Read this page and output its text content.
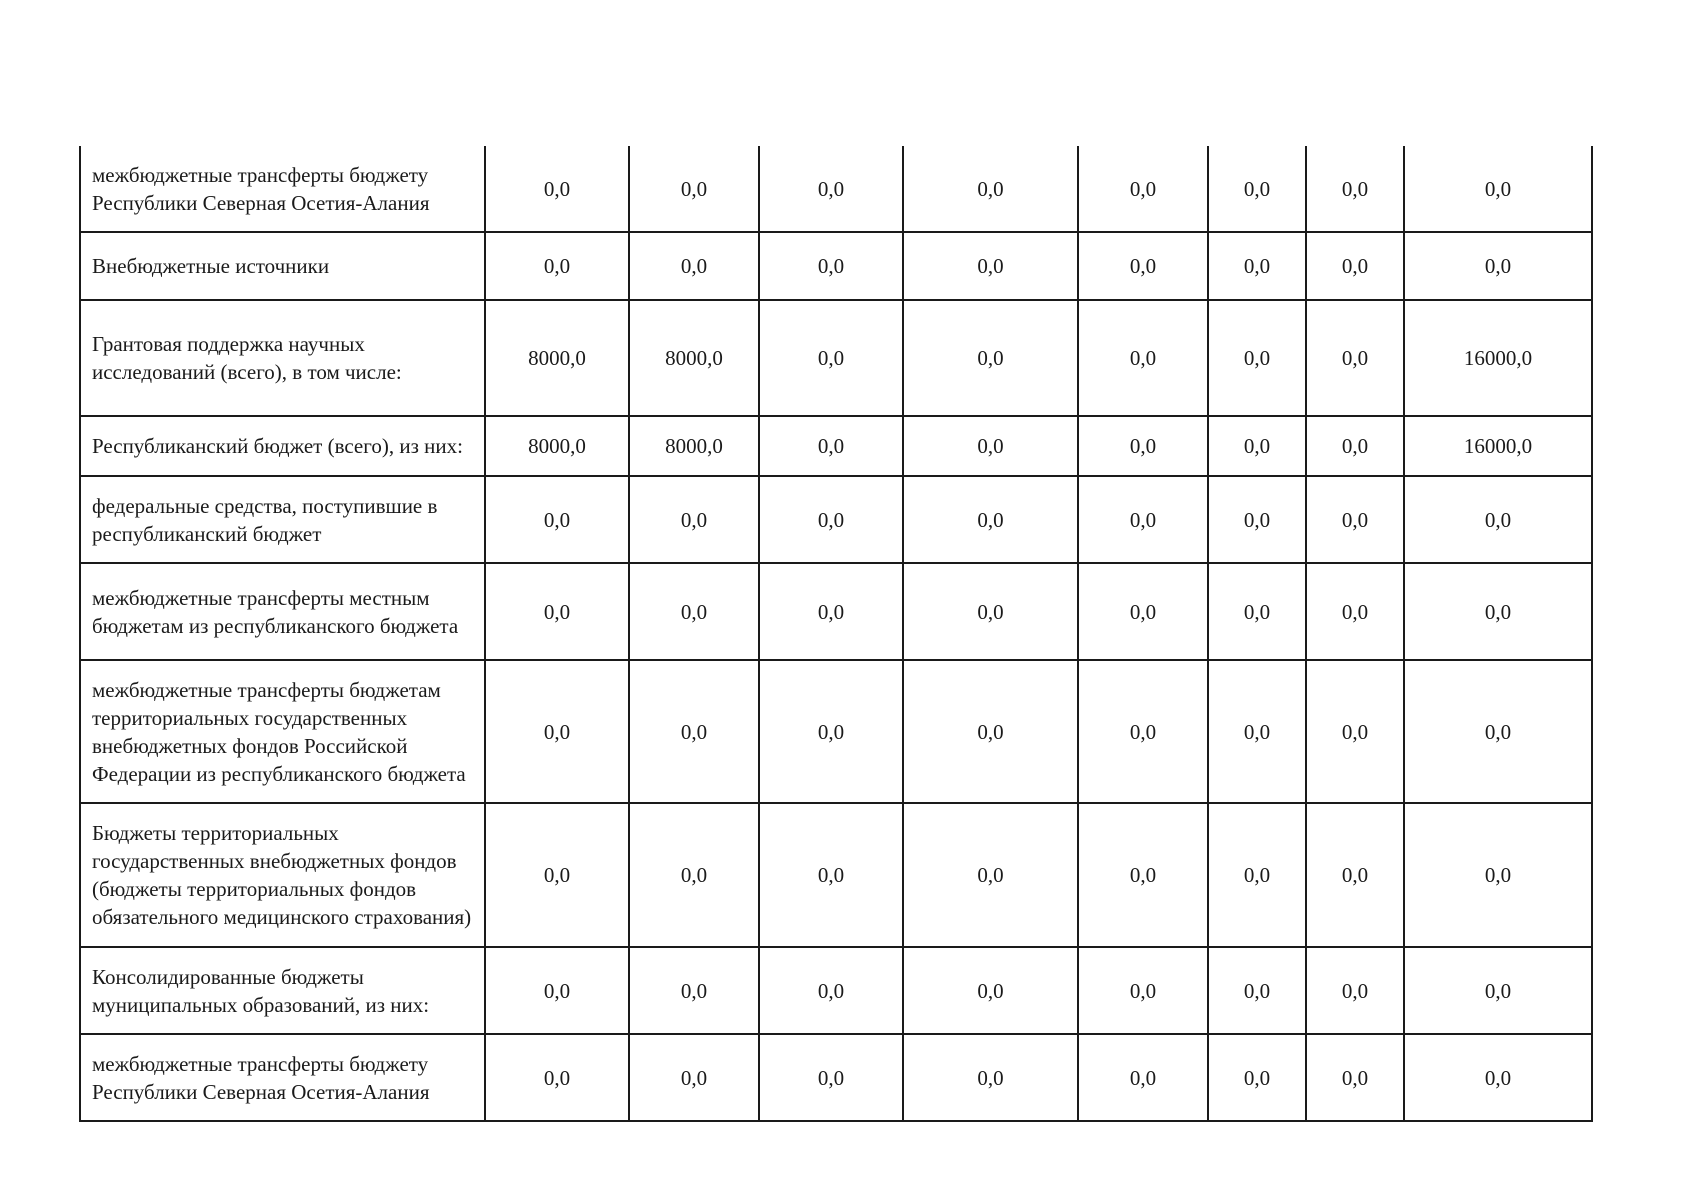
межбюджетные трансферты бюджету Республики Северная Осетия-Алания	0,0	0,0	0,0	0,0	0,0	0,0	0,0	0,0
Внебюджетные источники	0,0	0,0	0,0	0,0	0,0	0,0	0,0	0,0
Грантовая поддержка научных исследований (всего), в том числе:	8000,0	8000,0	0,0	0,0	0,0	0,0	0,0	16000,0
Республиканский бюджет (всего), из них:	8000,0	8000,0	0,0	0,0	0,0	0,0	0,0	16000,0
федеральные средства, поступившие в республиканский бюджет	0,0	0,0	0,0	0,0	0,0	0,0	0,0	0,0
межбюджетные трансферты местным бюджетам из республиканского бюджета	0,0	0,0	0,0	0,0	0,0	0,0	0,0	0,0
межбюджетные трансферты бюджетам территориальных государственных внебюджетных фондов Российской Федерации из республиканского бюджета	0,0	0,0	0,0	0,0	0,0	0,0	0,0	0,0
Бюджеты территориальных государственных внебюджетных фондов (бюджеты территориальных фондов обязательного медицинского страхования)	0,0	0,0	0,0	0,0	0,0	0,0	0,0	0,0
Консолидированные бюджеты муниципальных образований, из них:	0,0	0,0	0,0	0,0	0,0	0,0	0,0	0,0
межбюджетные трансферты бюджету Республики Северная Осетия-Алания	0,0	0,0	0,0	0,0	0,0	0,0	0,0	0,0
